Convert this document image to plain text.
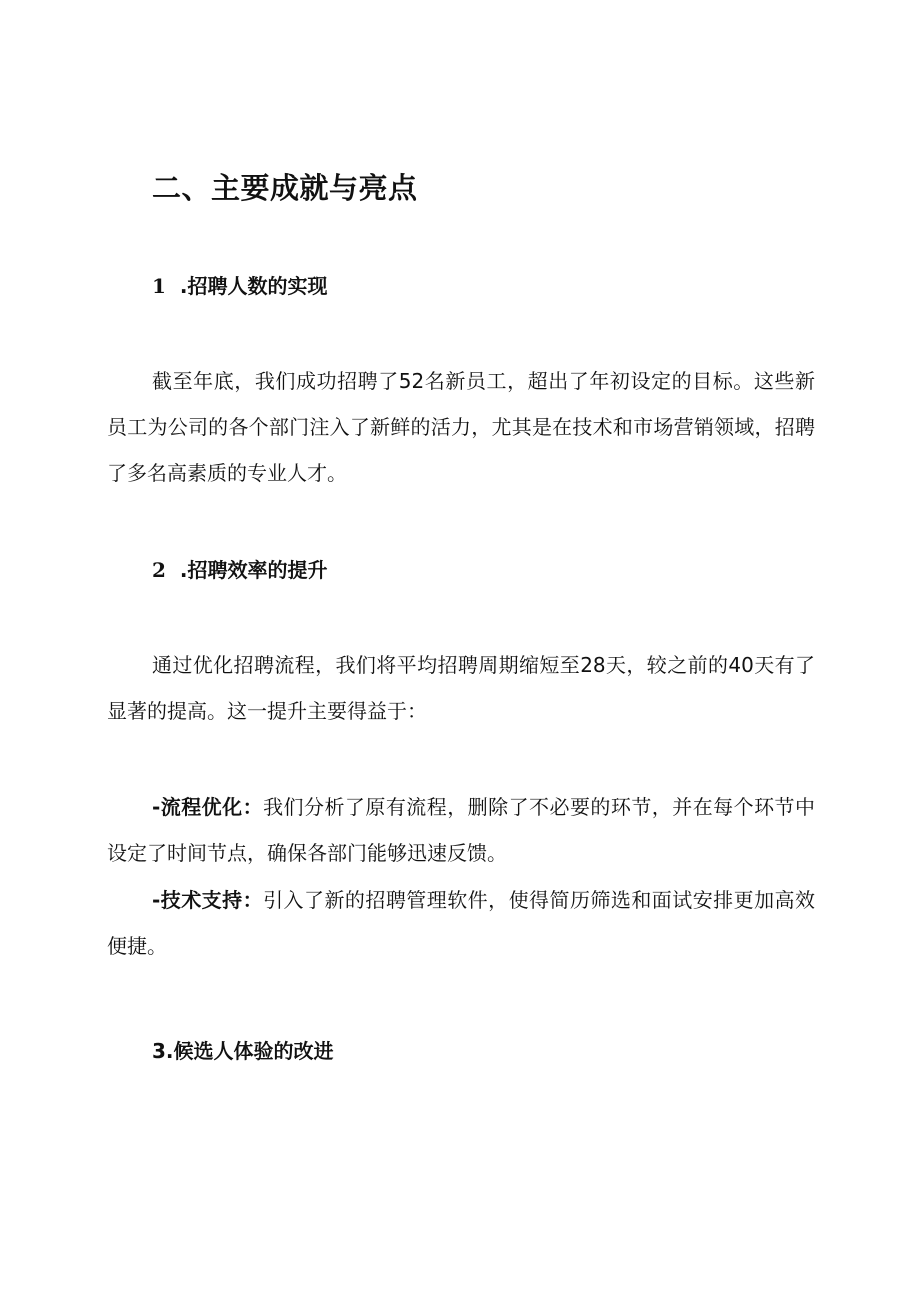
二、主要成就与亮点
1 .招聘人数的实现

截至年底，我们成功招聘了52名新员工，超出了年初设定的目标。这些新员工为公司的各个部门注入了新鲜的活力，尤其是在技术和市场营销领域，招聘了多名高素质的专业人才。

2 .招聘效率的提升

通过优化招聘流程，我们将平均招聘周期缩短至28天，较之前的40天有了显著的提高。这一提升主要得益于：

-流程优化：我们分析了原有流程，删除了不必要的环节，并在每个环节中设定了时间节点，确保各部门能够迅速反馈。

-技术支持：引入了新的招聘管理软件，使得简历筛选和面试安排更加高效便捷。

3.候选人体验的改进
